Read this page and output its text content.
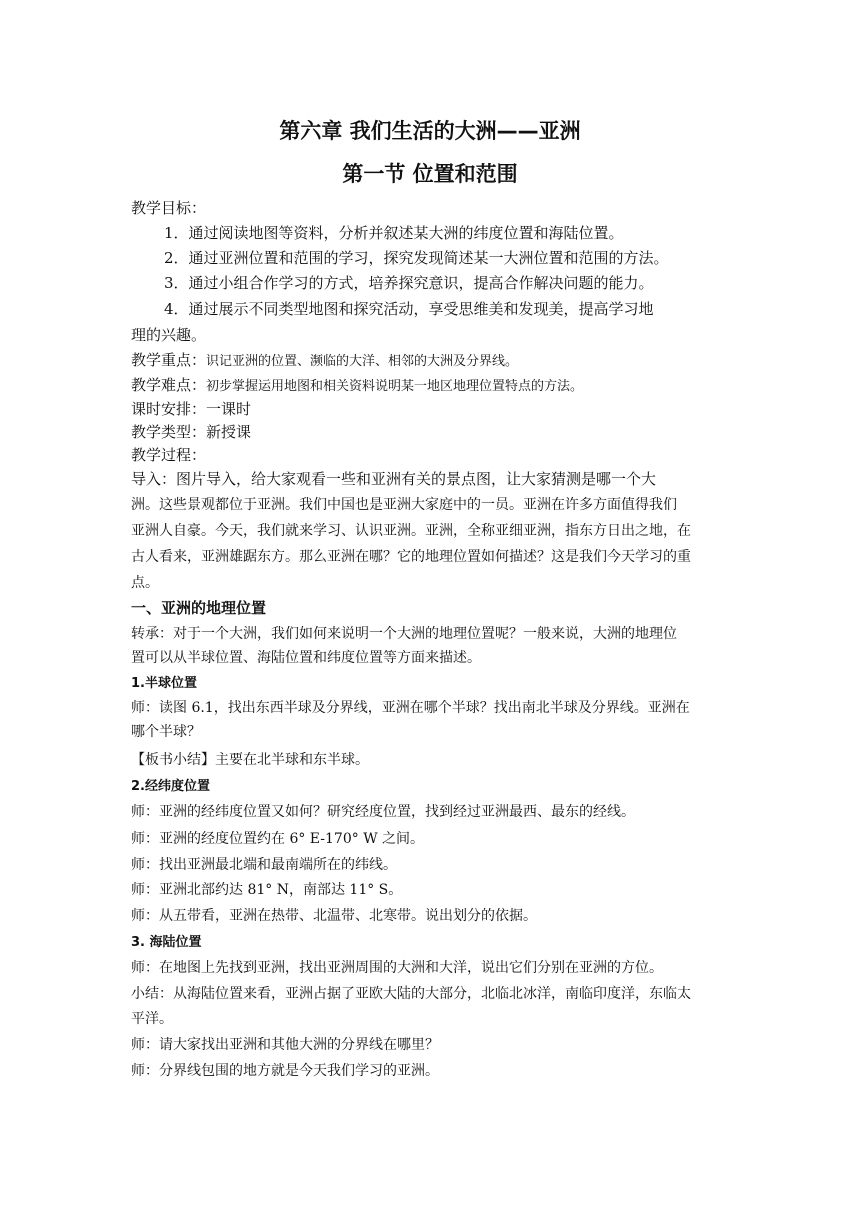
第六章 我们生活的大洲——亚洲
第一节 位置和范围
教学目标：
1．通过阅读地图等资料，分析并叙述某大洲的纬度位置和海陆位置。
2．通过亚洲位置和范围的学习，探究发现简述某一大洲位置和范围的方法。
3．通过小组合作学习的方式，培养探究意识，提高合作解决问题的能力。
4．通过展示不同类型地图和探究活动，享受思维美和发现美，提高学习地
理的兴趣。
教学重点：识记亚洲的位置、濒临的大洋、相邻的大洲及分界线。
教学难点：初步掌握运用地图和相关资料说明某一地区地理位置特点的方法。
课时安排：一课时
教学类型：新授课
教学过程：
导入：图片导入，给大家观看一些和亚洲有关的景点图，让大家猜测是哪一个大
洲。这些景观都位于亚洲。我们中国也是亚洲大家庭中的一员。亚洲在许多方面值得我们
亚洲人自豪。今天，我们就来学习、认识亚洲。亚洲，全称亚细亚洲，指东方日出之地，在
古人看来，亚洲雄踞东方。那么亚洲在哪？它的地理位置如何描述？这是我们今天学习的重
点。
一、亚洲的地理位置
转承：对于一个大洲，我们如何来说明一个大洲的地理位置呢？一般来说，大洲的地理位
置可以从半球位置、海陆位置和纬度位置等方面来描述。
1.半球位置
师：读图 6.1，找出东西半球及分界线，亚洲在哪个半球？找出南北半球及分界线。亚洲在
哪个半球？
【板书小结】主要在北半球和东半球。
2.经纬度位置
师：亚洲的经纬度位置又如何？研究经度位置，找到经过亚洲最西、最东的经线。
师：亚洲的经度位置约在 6° E-170° W 之间。
师：找出亚洲最北端和最南端所在的纬线。
师：亚洲北部约达 81° N，南部达 11° S。
师：从五带看，亚洲在热带、北温带、北寒带。说出划分的依据。
3. 海陆位置
师：在地图上先找到亚洲，找出亚洲周围的大洲和大洋，说出它们分别在亚洲的方位。
小结：从海陆位置来看，亚洲占据了亚欧大陆的大部分，北临北冰洋，南临印度洋，东临太
平洋。
师：请大家找出亚洲和其他大洲的分界线在哪里？
师：分界线包围的地方就是今天我们学习的亚洲。
